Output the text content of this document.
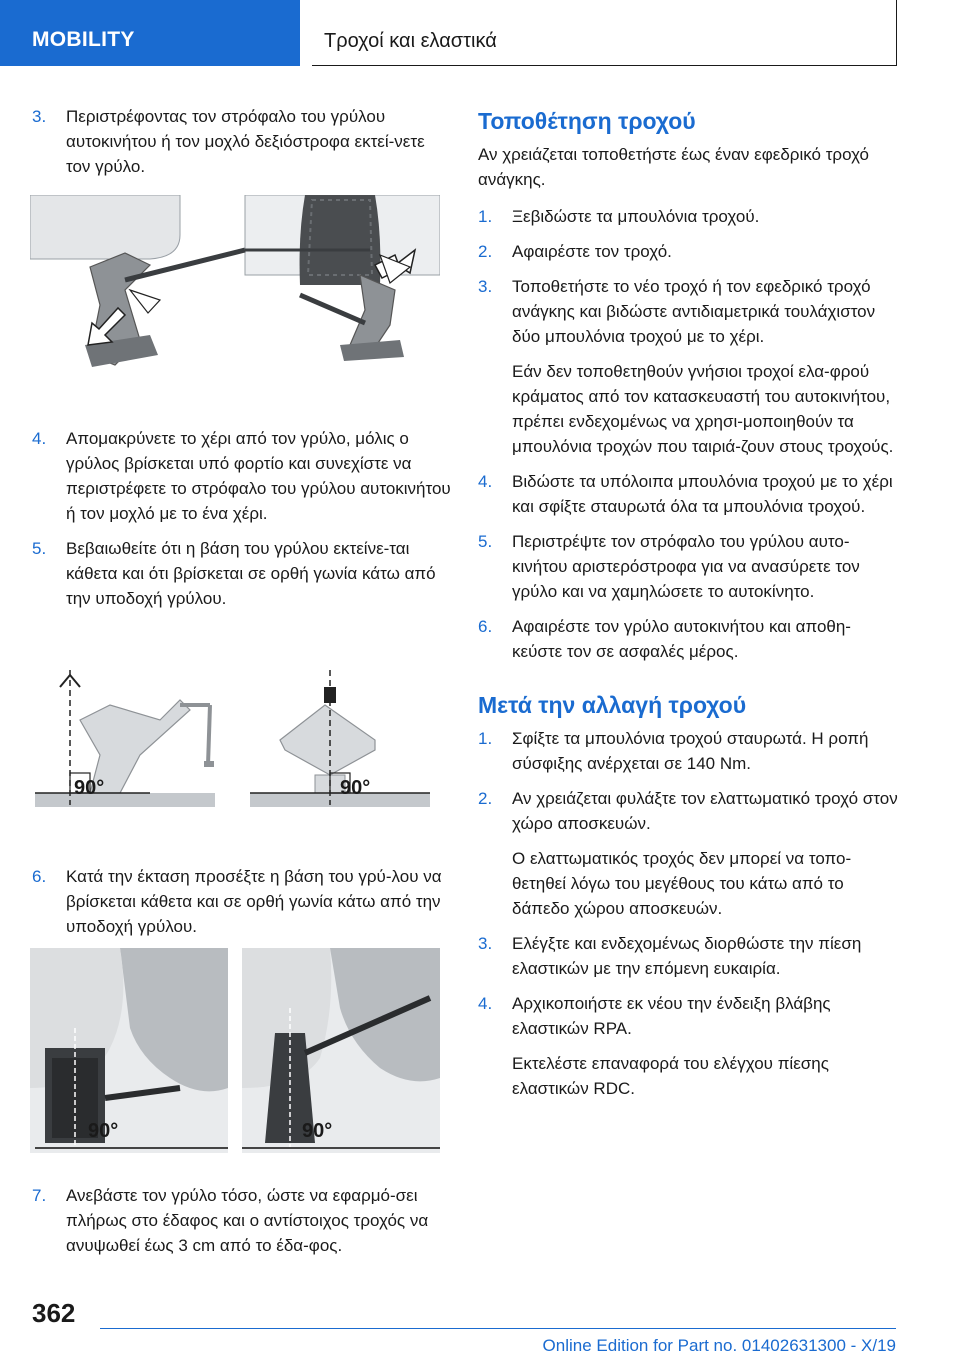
MOBILITY	Τροχοί και ελαστικά
3. Περιστρέφοντας τον στρόφαλο του γρύλου αυτοκινήτου ή τον μοχλό δεξιόστροφα εκτεί-νετε τον γρύλο.

4. Απομακρύνετε το χέρι από τον γρύλο, μόλις ο γρύλος βρίσκεται υπό φορτίο και συνεχίστε να περιστρέφετε το στρόφαλο του γρύλου αυτοκινήτου ή τον μοχλό με το ένα χέρι.

5. Βεβαιωθείτε ότι η βάση του γρύλου εκτείνε-ται κάθετα και ότι βρίσκεται σε ορθή γωνία κάτω από την υποδοχή γρύλου.

90°	90°
6. Κατά την έκταση προσέξτε η βάση του γρύ-λου να βρίσκεται κάθετα και σε ορθή γωνία κάτω από την υποδοχή γρύλου.

90°	90°
7. Ανεβάστε τον γρύλο τόσο, ώστε να εφαρμό-σει πλήρως στο έδαφος και ο αντίστοιχος τροχός να ανυψωθεί έως 3 cm από το έδα-φος.

Τοποθέτηση τροχού

Αν χρειάζεται τοποθετήστε έως έναν εφεδρικό τροχό ανάγκης.

1. Ξεβιδώστε τα μπουλόνια τροχού.

2. Αφαιρέστε τον τροχό.

3. Τοποθετήστε το νέο τροχό ή τον εφεδρικό τροχό ανάγκης και βιδώστε αντιδιαμετρικά τουλάχιστον δύο μπουλόνια τροχού με το χέρι.

Εάν δεν τοποθετηθούν γνήσιοι τροχοί ελα-φρού κράματος από τον κατασκευαστή του αυτοκινήτου, πρέπει ενδεχομένως να χρησι-μοποιηθούν τα μπουλόνια τροχών που ταιριά-ζουν στους τροχούς.

4. Βιδώστε τα υπόλοιπα μπουλόνια τροχού με το χέρι και σφίξτε σταυρωτά όλα τα μπουλόνια τροχού.

5. Περιστρέψτε τον στρόφαλο του γρύλου αυτο-κινήτου αριστερόστροφα για να ανασύρετε τον γρύλο και να χαμηλώσετε το αυτοκίνητο.

6. Αφαιρέστε τον γρύλο αυτοκινήτου και αποθη-κεύστε τον σε ασφαλές μέρος.

Μετά την αλλαγή τροχού
1. Σφίξτε τα μπουλόνια τροχού σταυρωτά. Η ροπή σύσφιξης ανέρχεται σε 140 Nm.

2. Αν χρειάζεται φυλάξτε τον ελαττωματικό τροχό στον χώρο αποσκευών.

Ο ελαττωματικός τροχός δεν μπορεί να τοπο-θετηθεί λόγω του μεγέθους του κάτω από το δάπεδο χώρου αποσκευών.

3. Ελέγξτε και ενδεχομένως διορθώστε την πίεση ελαστικών με την επόμενη ευκαιρία.

4. Αρχικοποιήστε εκ νέου την ένδειξη βλάβης ελαστικών RPA.

Εκτελέστε επαναφορά του ελέγχου πίεσης ελαστικών RDC.

362
Online Edition for Part no. 01402631300 - X/19
